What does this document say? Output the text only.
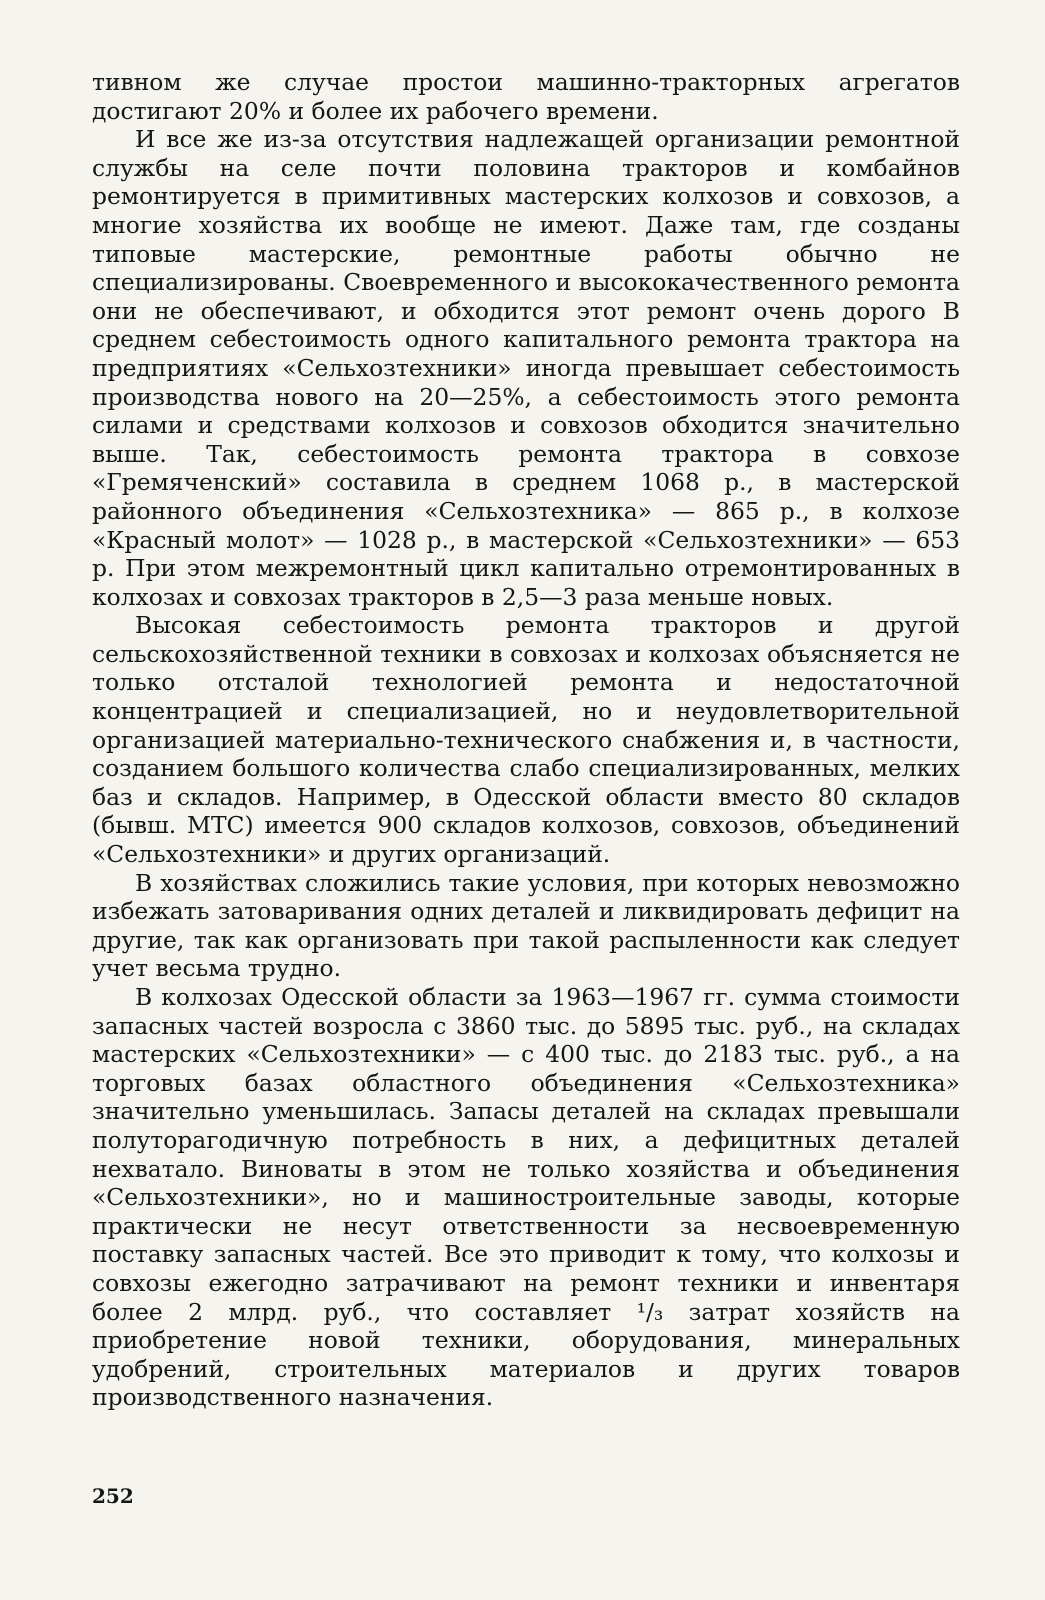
тивном же случае простои машинно-тракторных агрегатов достигают 20% и более их рабочего времени.

И все же из-за отсутствия надлежащей организации ремонтной службы на селе почти половина тракторов и комбайнов ремонтируется в примитивных мастерских колхозов и совхозов, а многие хозяйства их вообще не имеют. Даже там, где созданы типовые мастерские, ремонтные работы обычно не специализированы. Своевременного и высококачественного ремонта они не обеспечивают, и обходится этот ремонт очень дорого В среднем себестоимость одного капитального ремонта трактора на предприятиях «Сельхозтехники» иногда превышает себестоимость производства нового на 20—25%, а себестоимость этого ремонта силами и средствами колхозов и совхозов обходится значительно выше. Так, себестоимость ремонта трактора в совхозе «Гремяченский» составила в среднем 1068 р., в мастерской районного объединения «Сельхозтехника» — 865 р., в колхозе «Красный молот» — 1028 р., в мастерской «Сельхозтехники» — 653 р. При этом межремонтный цикл капитально отремонтированных в колхозах и совхозах тракторов в 2,5—3 раза меньше новых.

Высокая себестоимость ремонта тракторов и другой сельскохозяйственной техники в совхозах и колхозах объясняется не только отсталой технологией ремонта и недостаточной концентрацией и специализацией, но и неудовлетворительной организацией материально-технического снабжения и, в частности, созданием большого количества слабо специализированных, мелких баз и складов. Например, в Одесской области вместо 80 складов (бывш. МТС) имеется 900 складов колхозов, совхозов, объединений «Сельхозтехники» и других организаций.

В хозяйствах сложились такие условия, при которых невозможно избежать затоваривания одних деталей и ликвидировать дефицит на другие, так как организовать при такой распыленности как следует учет весьма трудно.

В колхозах Одесской области за 1963—1967 гг. сумма стоимости запасных частей возросла с 3860 тыс. до 5895 тыс. руб., на складах мастерских «Сельхозтехники» — с 400 тыс. до 2183 тыс. руб., а на торговых базах областного объединения «Сельхозтехника» значительно уменьшилась. Запасы деталей на складах превышали полуторагодичную потребность в них, а дефицитных деталей нехватало. Виноваты в этом не только хозяйства и объединения «Сельхозтехники», но и машиностроительные заводы, которые практически не несут ответственности за несвоевременную поставку запасных частей. Все это приводит к тому, что колхозы и совхозы ежегодно затрачивают на ремонт техники и инвентаря более 2 млрд. руб., что составляет ¹/₃ затрат хозяйств на приобретение новой техники, оборудования, минеральных удобрений, строительных материалов и других товаров производственного назначения.

252
